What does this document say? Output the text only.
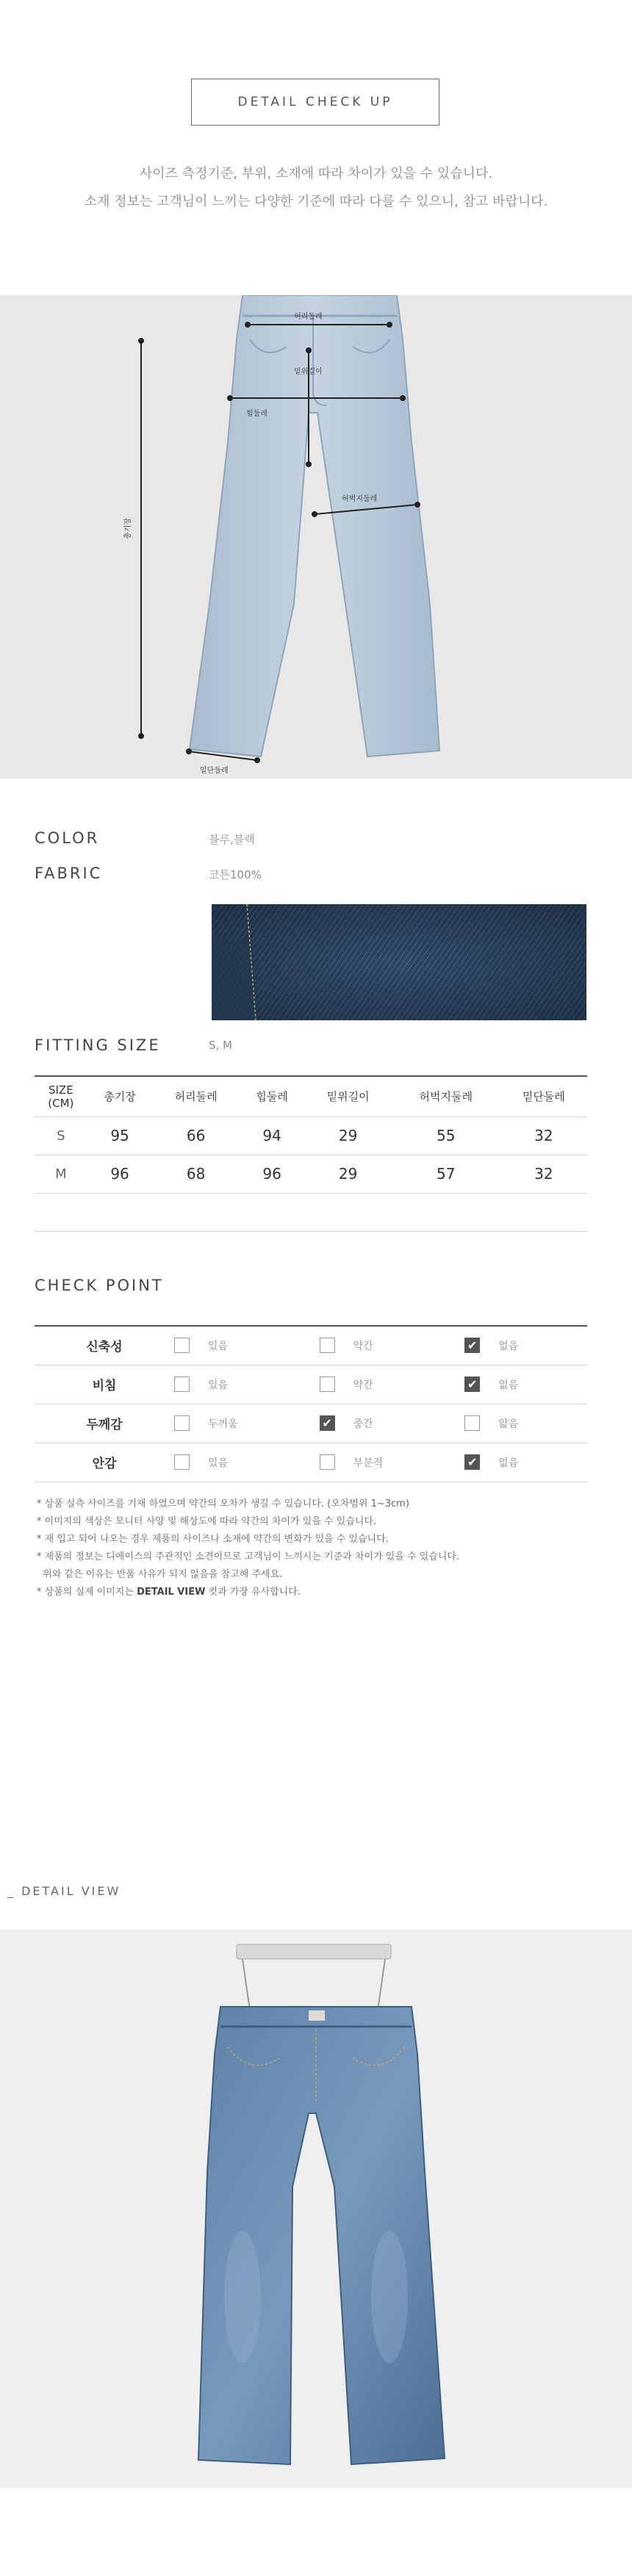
DETAIL CHECK UP

사이즈 측정기준, 부위, 소재에 따라 차이가 있을 수 있습니다.

소재 정보는 고객님이 느끼는 다양한 기준에 따라 다를 수 있으니, 참고 바랍니다.

허리둘레
밑위길이
힙둘레
허벅지둘레
총기장
밑단둘레
COLOR	블루,블랙
FABRIC	코튼100%
FITTING SIZE	S, M
SIZE
(CM)	총기장	허리둘레	힙둘레	밑위길이	허벅지둘레	밑단둘레
S	95	66	94	29	55	32
M	96	68	96	29	57	32

CHECK POINT
신축성	있음	약간	✔ 없음

비침	있음	약간	✔ 없음

두께감	두꺼움	✔ 중간	얇음

안감	있음	부분적	✔ 없음
* 상품 실측 사이즈를 기재 하였으며 약간의 오차가 생길 수 있습니다. (오차범위 1~3cm)
* 이미지의 색상은 모니터 사양 및 해상도에 따라 약간의 차이가 있을 수 있습니다.
* 재 입고 되어 나오는 경우 제품의 사이즈나 소재에 약간의 변화가 있을 수 있습니다.
* 제품의 정보는 디에이스의 주관적인 소견이므로 고객님이 느끼시는 기준과 차이가 있을 수 있습니다.
위와 같은 이유는 반품 사유가 되지 않음을 참고해 주세요.
* 상품의 실제 이미지는 DETAIL VIEW 컷과 가장 유사합니다.
_ DETAIL VIEW
